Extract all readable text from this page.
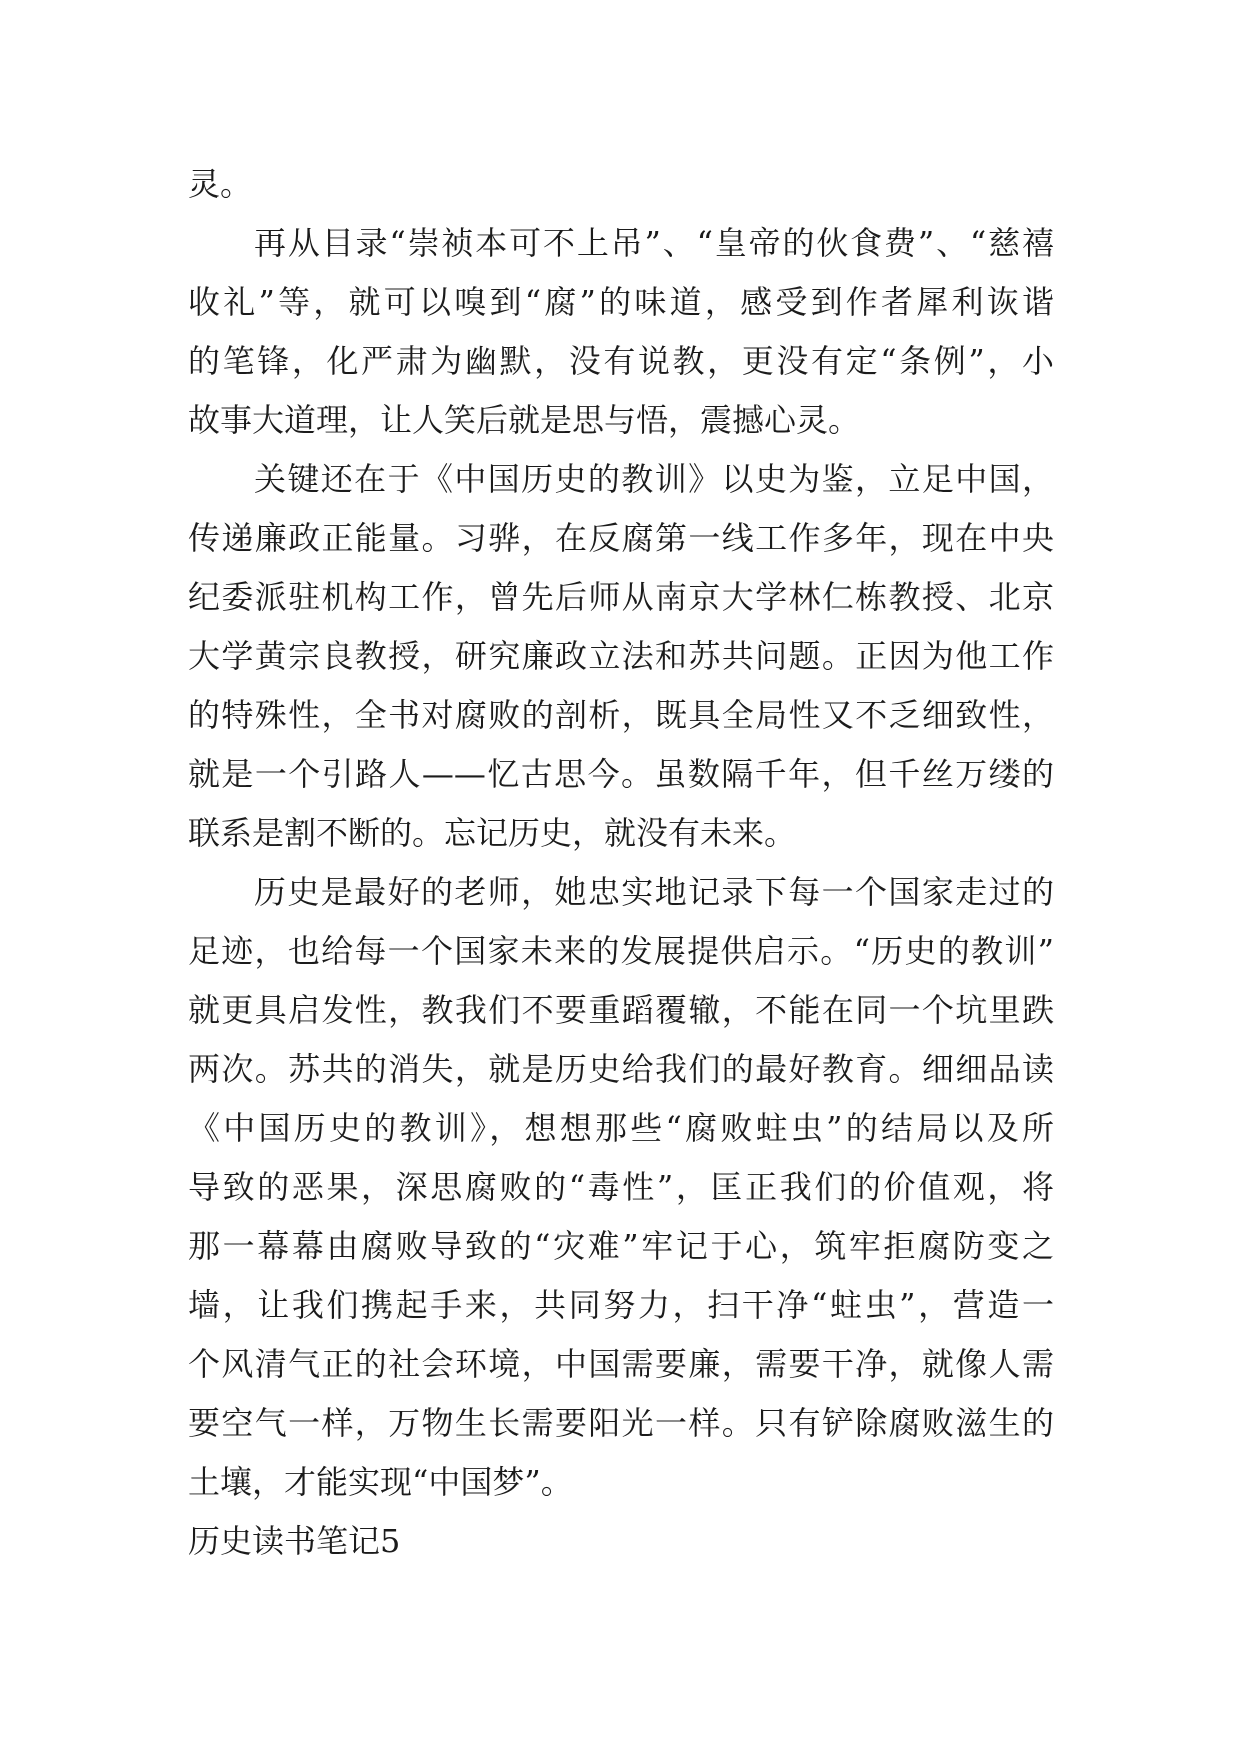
灵。
再从目录“崇祯本可不上吊”、“皇帝的伙食费”、“慈禧
收礼”等，就可以嗅到“腐”的味道，感受到作者犀利诙谐
的笔锋，化严肃为幽默，没有说教，更没有定“条例”，小
故事大道理，让人笑后就是思与悟，震撼心灵。
关键还在于《中国历史的教训》以史为鉴，立足中国，
传递廉政正能量。习骅，在反腐第一线工作多年，现在中央
纪委派驻机构工作，曾先后师从南京大学林仁栋教授、北京
大学黄宗良教授，研究廉政立法和苏共问题。正因为他工作
的特殊性，全书对腐败的剖析，既具全局性又不乏细致性，
就是一个引路人——忆古思今。虽数隔千年，但千丝万缕的
联系是割不断的。忘记历史，就没有未来。
历史是最好的老师，她忠实地记录下每一个国家走过的
足迹，也给每一个国家未来的发展提供启示。“历史的教训”
就更具启发性，教我们不要重蹈覆辙，不能在同一个坑里跌
两次。苏共的消失，就是历史给我们的最好教育。细细品读
《中国历史的教训》，想想那些“腐败蛀虫”的结局以及所
导致的恶果，深思腐败的“毒性”，匡正我们的价值观，将
那一幕幕由腐败导致的“灾难”牢记于心，筑牢拒腐防变之
墙，让我们携起手来，共同努力，扫干净“蛀虫”，营造一
个风清气正的社会环境，中国需要廉，需要干净，就像人需
要空气一样，万物生长需要阳光一样。只有铲除腐败滋生的
土壤，才能实现“中国梦”。
历史读书笔记5
